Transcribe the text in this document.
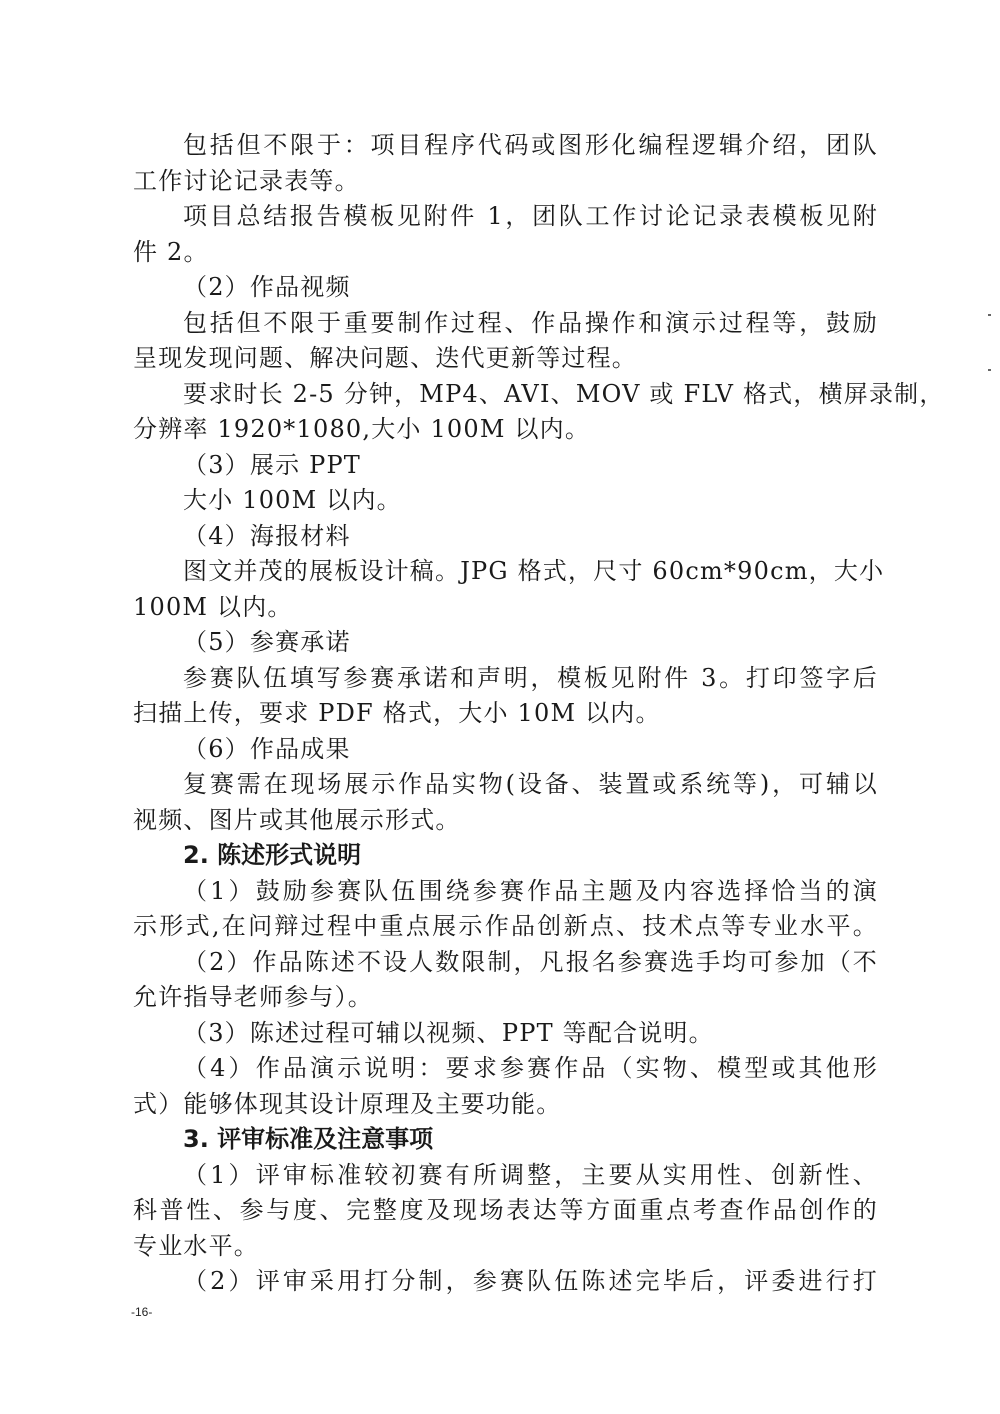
包括但不限于：项目程序代码或图形化编程逻辑介绍，团队
工作讨论记录表等。
项目总结报告模板见附件 1，团队工作讨论记录表模板见附
件 2。
（2）作品视频
包括但不限于重要制作过程、作品操作和演示过程等，鼓励
呈现发现问题、解决问题、迭代更新等过程。
要求时长 2-5 分钟，MP4、AVI、MOV 或 FLV 格式，横屏录制，
分辨率 1920*1080,大小 100M 以内。
（3）展示 PPT
大小 100M 以内。
（4）海报材料
图文并茂的展板设计稿。JPG 格式，尺寸 60cm*90cm，大小
100M 以内。
（5）参赛承诺
参赛队伍填写参赛承诺和声明，模板见附件 3。打印签字后
扫描上传，要求 PDF 格式，大小 10M 以内。
（6）作品成果
复赛需在现场展示作品实物(设备、装置或系统等)，可辅以
视频、图片或其他展示形式。
2. 陈述形式说明
（1）鼓励参赛队伍围绕参赛作品主题及内容选择恰当的演
示形式,在问辩过程中重点展示作品创新点、技术点等专业水平。
（2）作品陈述不设人数限制，凡报名参赛选手均可参加（不
允许指导老师参与）。
（3）陈述过程可辅以视频、PPT 等配合说明。
（4）作品演示说明：要求参赛作品（实物、模型或其他形
式）能够体现其设计原理及主要功能。
3. 评审标准及注意事项
（1）评审标准较初赛有所调整，主要从实用性、创新性、
科普性、参与度、完整度及现场表达等方面重点考查作品创作的
专业水平。
（2）评审采用打分制，参赛队伍陈述完毕后，评委进行打
-16-
